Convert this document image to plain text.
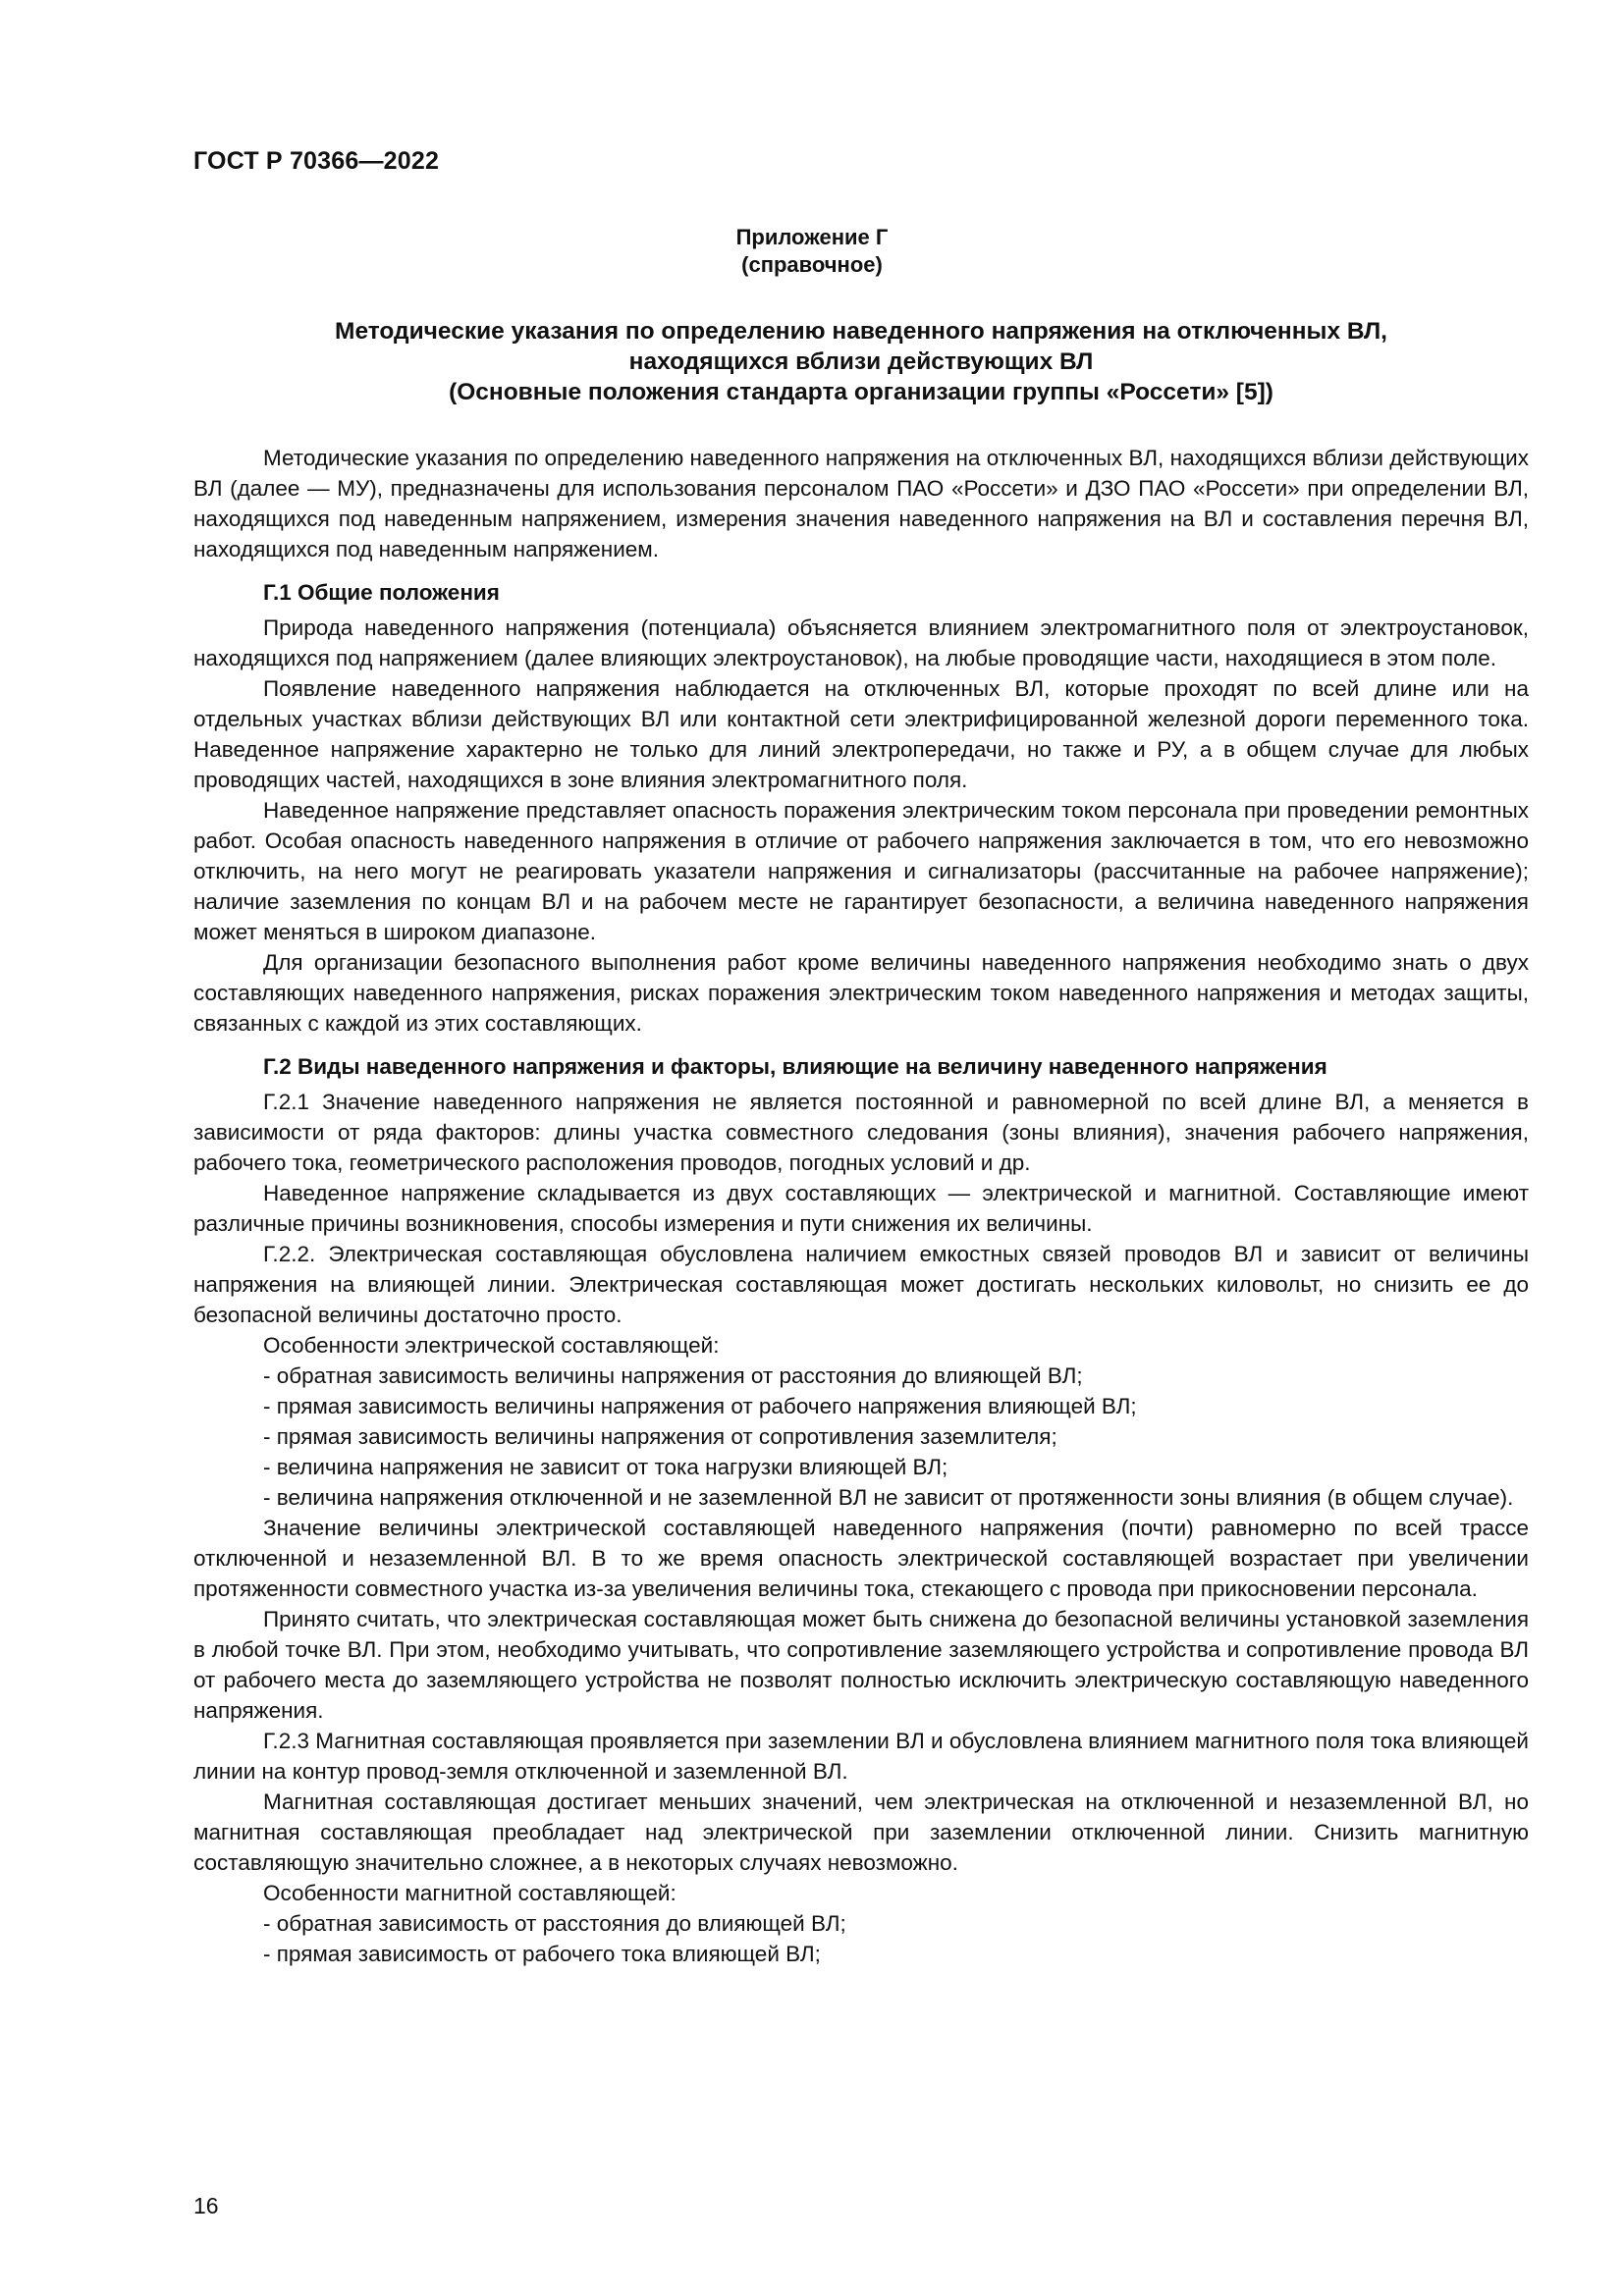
ГОСТ Р 70366—2022
Приложение Г
(справочное)
Методические указания по определению наведенного напряжения на отключенных ВЛ,
находящихся вблизи действующих ВЛ
(Основные положения стандарта организации группы «Россети» [5])

Методические указания по определению наведенного напряжения на отключенных ВЛ, находящихся вблизи действующих ВЛ (далее — МУ), предназначены для использования персоналом ПАО «Россети» и ДЗО ПАО «Россети» при определении ВЛ, находящихся под наведенным напряжением, измерения значения наведенного напряжения на ВЛ и составления перечня ВЛ, находящихся под наведенным напряжением.

Г.1 Общие положения

Природа наведенного напряжения (потенциала) объясняется влиянием электромагнитного поля от электроустановок, находящихся под напряжением (далее влияющих электроустановок), на любые проводящие части, находящиеся в этом поле.

Появление наведенного напряжения наблюдается на отключенных ВЛ, которые проходят по всей длине или на отдельных участках вблизи действующих ВЛ или контактной сети электрифицированной железной дороги переменного тока. Наведенное напряжение характерно не только для линий электропередачи, но также и РУ, а в общем случае для любых проводящих частей, находящихся в зоне влияния электромагнитного поля.

Наведенное напряжение представляет опасность поражения электрическим током персонала при проведении ремонтных работ. Особая опасность наведенного напряжения в отличие от рабочего напряжения заключается в том, что его невозможно отключить, на него могут не реагировать указатели напряжения и сигнализаторы (рассчитанные на рабочее напряжение); наличие заземления по концам ВЛ и на рабочем месте не гарантирует безопасности, а величина наведенного напряжения может меняться в широком диапазоне.

Для организации безопасного выполнения работ кроме величины наведенного напряжения необходимо знать о двух составляющих наведенного напряжения, рисках поражения электрическим током наведенного напряжения и методах защиты, связанных с каждой из этих составляющих.

Г.2 Виды наведенного напряжения и факторы, влияющие на величину наведенного напряжения

Г.2.1 Значение наведенного напряжения не является постоянной и равномерной по всей длине ВЛ, а меняется в зависимости от ряда факторов: длины участка совместного следования (зоны влияния), значения рабочего напряжения, рабочего тока, геометрического расположения проводов, погодных условий и др.

Наведенное напряжение складывается из двух составляющих — электрической и магнитной. Составляющие имеют различные причины возникновения, способы измерения и пути снижения их величины.

Г.2.2. Электрическая составляющая обусловлена наличием емкостных связей проводов ВЛ и зависит от величины напряжения на влияющей линии. Электрическая составляющая может достигать нескольких киловольт, но снизить ее до безопасной величины достаточно просто.

Особенности электрической составляющей:

- обратная зависимость величины напряжения от расстояния до влияющей ВЛ;

- прямая зависимость величины напряжения от рабочего напряжения влияющей ВЛ;

- прямая зависимость величины напряжения от сопротивления заземлителя;

- величина напряжения не зависит от тока нагрузки влияющей ВЛ;

- величина напряжения отключенной и не заземленной ВЛ не зависит от протяженности зоны влияния (в общем случае).

Значение величины электрической составляющей наведенного напряжения (почти) равномерно по всей трассе отключенной и незаземленной ВЛ. В то же время опасность электрической составляющей возрастает при увеличении протяженности совместного участка из-за увеличения величины тока, стекающего с провода при прикосновении персонала.

Принято считать, что электрическая составляющая может быть снижена до безопасной величины установкой заземления в любой точке ВЛ. При этом, необходимо учитывать, что сопротивление заземляющего устройства и сопротивление провода ВЛ от рабочего места до заземляющего устройства не позволят полностью исключить электрическую составляющую наведенного напряжения.

Г.2.3 Магнитная составляющая проявляется при заземлении ВЛ и обусловлена влиянием магнитного поля тока влияющей линии на контур провод-земля отключенной и заземленной ВЛ.

Магнитная составляющая достигает меньших значений, чем электрическая на отключенной и незаземленной ВЛ, но магнитная составляющая преобладает над электрической при заземлении отключенной линии. Снизить магнитную составляющую значительно сложнее, а в некоторых случаях невозможно.

Особенности магнитной составляющей:

- обратная зависимость от расстояния до влияющей ВЛ;

- прямая зависимость от рабочего тока влияющей ВЛ;

16
